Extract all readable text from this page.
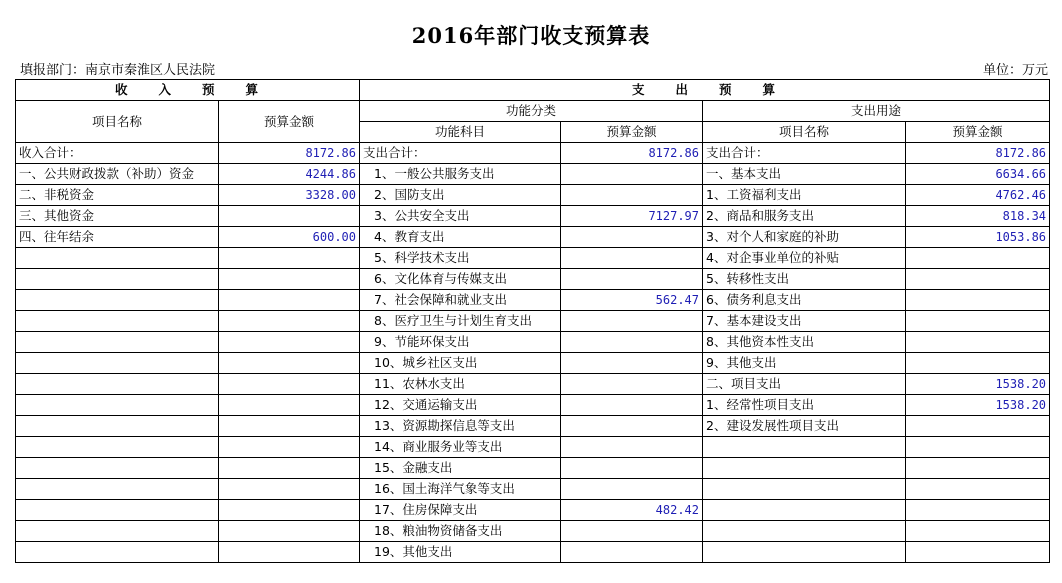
2016年部门收支预算表
填报部门：南京市秦淮区人民法院	单位：万元
收　　入　　预　　算		支　　出　　预　　算			
项目名称	预算金额	功能分类		支出用途	
		功能科目	预算金额	项目名称	预算金额
收入合计：	8172.86	支出合计：	8172.86	支出合计：	8172.86
一、公共财政拨款（补助）资金	4244.86	1、一般公共服务支出		一、基本支出	6634.66
二、非税资金	3328.00	2、国防支出		1、工资福利支出	4762.46
三、其他资金		3、公共安全支出	7127.97	2、商品和服务支出	818.34
四、往年结余	600.00	4、教育支出		3、对个人和家庭的补助	1053.86
		5、科学技术支出		4、对企事业单位的补贴	
		6、文化体育与传媒支出		5、转移性支出	
		7、社会保障和就业支出	562.47	6、债务利息支出	
		8、医疗卫生与计划生育支出		7、基本建设支出	
		9、节能环保支出		8、其他资本性支出	
		10、城乡社区支出		9、其他支出	
		11、农林水支出		二、项目支出	1538.20
		12、交通运输支出		1、经常性项目支出	1538.20
		13、资源勘探信息等支出		2、建设发展性项目支出	
		14、商业服务业等支出			
		15、金融支出			
		16、国土海洋气象等支出			
		17、住房保障支出	482.42		
		18、粮油物资储备支出			
		19、其他支出			
